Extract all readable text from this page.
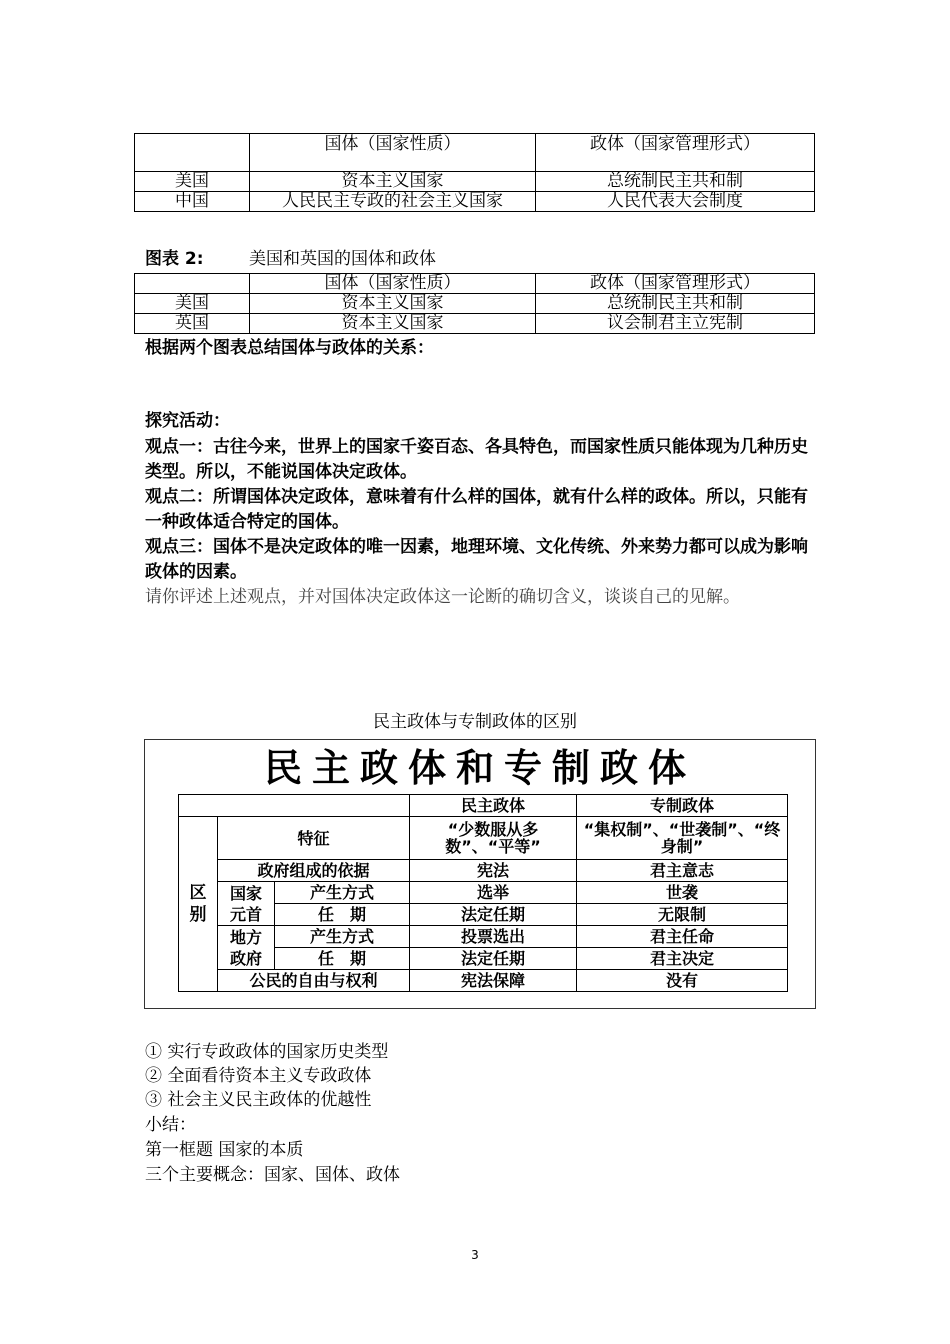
	国体（国家性质）	政体（国家管理形式）
美国	资本主义国家	总统制民主共和制
中国	人民民主专政的社会主义国家	人民代表大会制度
图表 2:	美国和英国的国体和政体
	国体（国家性质）	政体（国家管理形式）
美国	资本主义国家	总统制民主共和制
英国	资本主义国家	议会制君主立宪制
根据两个图表总结国体与政体的关系：
探究活动：
观点一：古往今来，世界上的国家千姿百态、各具特色，而国家性质只能体现为几种历史类型。所以，不能说国体决定政体。
观点二：所谓国体决定政体，意味着有什么样的国体，就有什么样的政体。所以，只能有一种政体适合特定的国体。
观点三：国体不是决定政体的唯一因素，地理环境、文化传统、外来势力都可以成为影响政体的因素。
请你评述上述观点，并对国体决定政体这一论断的确切含义，谈谈自己的见解。
民主政体与专制政体的区别
民主政体和专制政体
			民主政体	专制政体
区别	特征		“少数服从多数”、“平等”	“集权制”、“世袭制”、“终身制”
	政府组成的依据		宪法	君主意志
	国家元首	产生方式	选举	世袭
		任　期	法定任期	无限制
	地方政府	产生方式	投票选出	君主任命
		任　期	法定任期	君主决定
	公民的自由与权利		宪法保障	没有
① 实行专政政体的国家历史类型
② 全面看待资本主义专政政体
③ 社会主义民主政体的优越性
小结：
第一框题 国家的本质
三个主要概念：国家、国体、政体
3
